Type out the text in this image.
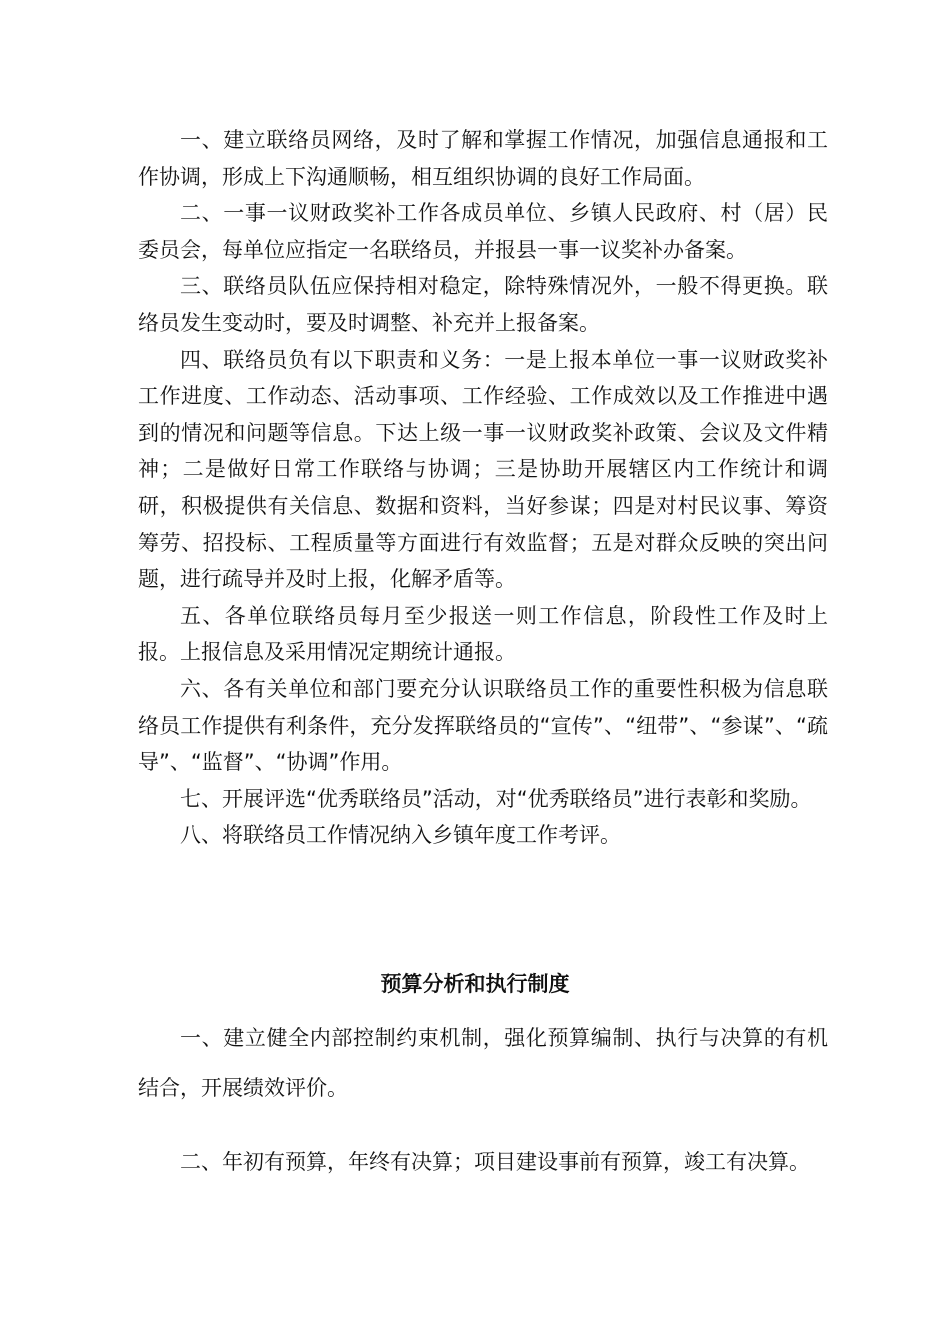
一、建立联络员网络，及时了解和掌握工作情况，加强信息通报和工作协调，形成上下沟通顺畅，相互组织协调的良好工作局面。

二、一事一议财政奖补工作各成员单位、乡镇人民政府、村（居）民委员会，每单位应指定一名联络员，并报县一事一议奖补办备案。

三、联络员队伍应保持相对稳定，除特殊情况外，一般不得更换。联络员发生变动时，要及时调整、补充并上报备案。

四、联络员负有以下职责和义务：一是上报本单位一事一议财政奖补工作进度、工作动态、活动事项、工作经验、工作成效以及工作推进中遇到的情况和问题等信息。下达上级一事一议财政奖补政策、会议及文件精神；二是做好日常工作联络与协调；三是协助开展辖区内工作统计和调研，积极提供有关信息、数据和资料，当好参谋；四是对村民议事、筹资筹劳、招投标、工程质量等方面进行有效监督；五是对群众反映的突出问题，进行疏导并及时上报，化解矛盾等。

五、各单位联络员每月至少报送一则工作信息，阶段性工作及时上报。上报信息及采用情况定期统计通报。

六、各有关单位和部门要充分认识联络员工作的重要性积极为信息联络员工作提供有利条件，充分发挥联络员的“宣传”、“纽带”、“参谋”、“疏导”、“监督”、“协调”作用。

七、开展评选“优秀联络员”活动，对“优秀联络员”进行表彰和奖励。

八、将联络员工作情况纳入乡镇年度工作考评。

预算分析和执行制度

一、建立健全内部控制约束机制，强化预算编制、执行与决算的有机结合，开展绩效评价。

二、年初有预算，年终有决算；项目建设事前有预算，竣工有决算。
